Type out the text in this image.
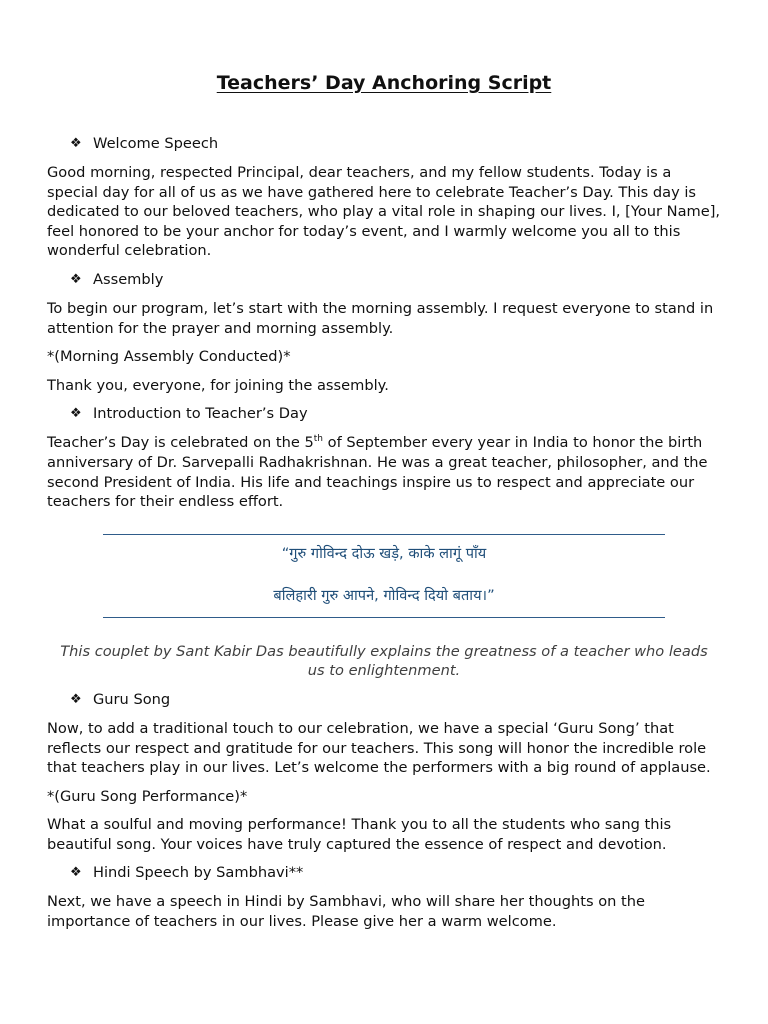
Teachers’ Day Anchoring Script
❖ Welcome Speech

Good morning, respected Principal, dear teachers, and my fellow students. Today is a special day for all of us as we have gathered here to celebrate Teacher’s Day. This day is dedicated to our beloved teachers, who play a vital role in shaping our lives. I, [Your Name], feel honored to be your anchor for today’s event, and I warmly welcome you all to this wonderful celebration.

❖ Assembly

To begin our program, let’s start with the morning assembly. I request everyone to stand in attention for the prayer and morning assembly.

*(Morning Assembly Conducted)*

Thank you, everyone, for joining the assembly.

❖ Introduction to Teacher’s Day

Teacher’s Day is celebrated on the 5th of September every year in India to honor the birth anniversary of Dr. Sarvepalli Radhakrishnan. He was a great teacher, philosopher, and the second President of India. His life and teachings inspire us to respect and appreciate our teachers for their endless effort.

“गुरु गोविन्द दोऊ खड़े, काके लागूं पाँय

बलिहारी गुरु आपने, गोविन्द दियो बताय।”

This couplet by Sant Kabir Das beautifully explains the greatness of a teacher who leads us to enlightenment.

❖ Guru Song

Now, to add a traditional touch to our celebration, we have a special ‘Guru Song’ that reflects our respect and gratitude for our teachers. This song will honor the incredible role that teachers play in our lives. Let’s welcome the performers with a big round of applause.

*(Guru Song Performance)*

What a soulful and moving performance! Thank you to all the students who sang this beautiful song. Your voices have truly captured the essence of respect and devotion.

❖ Hindi Speech by Sambhavi**

Next, we have a speech in Hindi by Sambhavi, who will share her thoughts on the importance of teachers in our lives. Please give her a warm welcome.
